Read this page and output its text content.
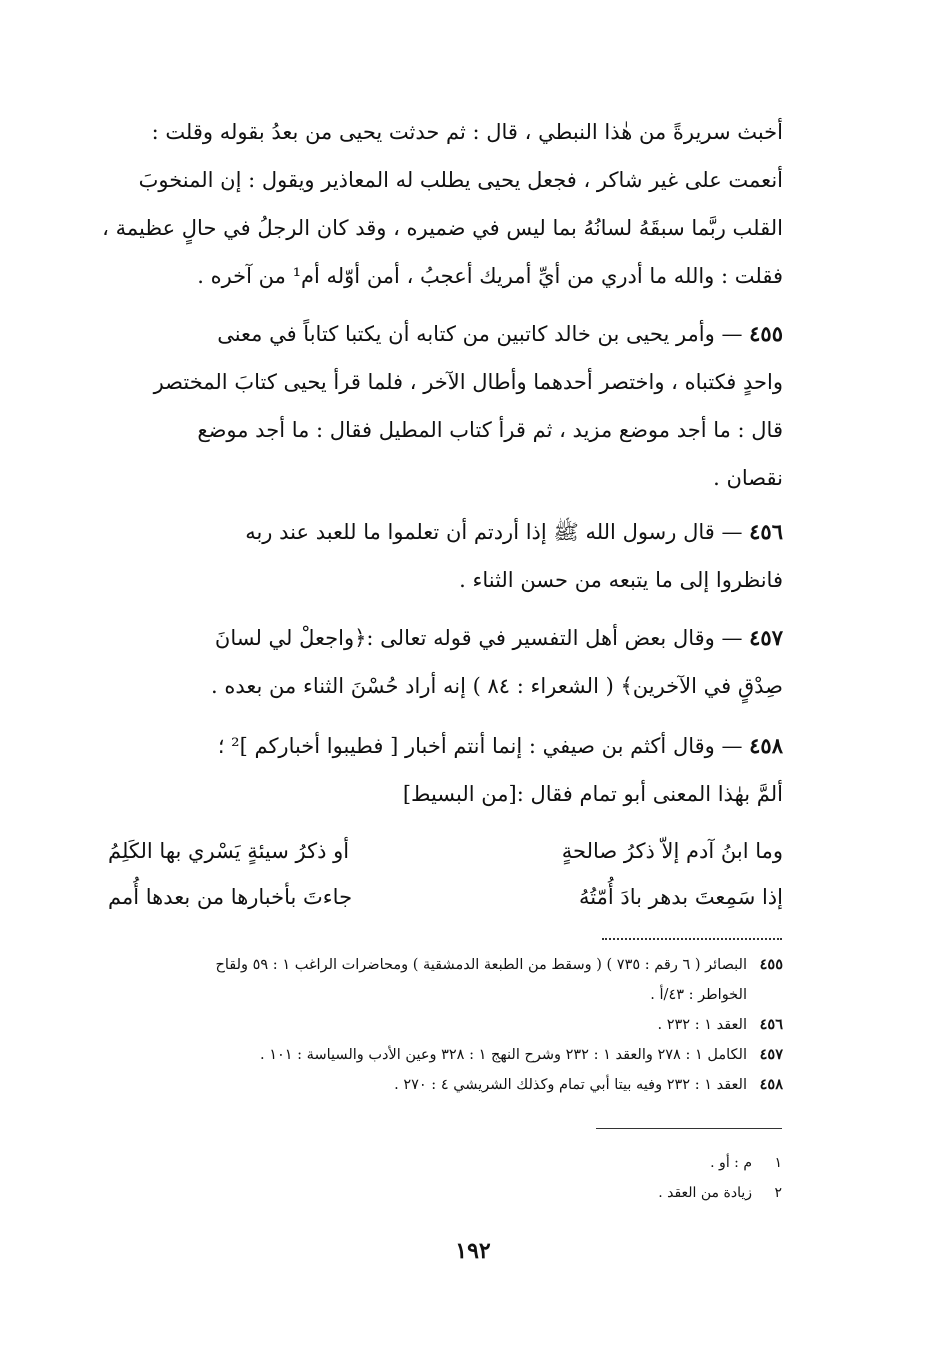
أخبث سريرةً من هٰذا النبطي ، قال : ثم حدثت يحيى من بعدُ بقوله وقلت :
أنعمت على غير شاكر ، فجعل يحيى يطلب له المعاذير ويقول : إن المنخوبَ
القلب ربَّما سبقَهُ لسانُهُ بما ليس في ضميره ، وقد كان الرجلُ في حالٍ عظيمة ،
فقلت : والله ما أدري من أيِّ أمريك أعجبُ ، أمن أوّله أم¹ من آخره .
٤٥٥ — وأمر يحيى بن خالد كاتبين من كتابه أن يكتبا كتاباً في معنى
واحدٍ فكتباه ، واختصر أحدهما وأطال الآخر ، فلما قرأ يحيى كتابَ المختصر
قال : ما أجد موضع مزيد ، ثم قرأ كتاب المطيل فقال : ما أجد موضع
نقصان .
٤٥٦ — قال رسول الله ﷺ إذا أردتم أن تعلموا ما للعبد عند ربه
فانظروا إلى ما يتبعه من حسن الثناء .
٤٥٧ — وقال بعض أهل التفسير في قوله تعالى :﴿واجعلْ لي لسانَ
صِدْقٍ في الآخرين﴾ ( الشعراء : ٨٤ ) إنه أراد حُسْنَ الثناء من بعده .
٤٥٨ — وقال أكثم بن صيفي : إنما أنتم أخبار [ فطيبوا أخباركم ]² ؛
ألمَّ بهٰذا المعنى أبو تمام فقال :[من البسيط]
وما ابنُ آدم إلاّ ذكرُ صالحةٍ
أو ذكرُ سيئةٍ يَسْري بها الكَلِمُ
إذا سَمِعتَ بدهر بادَ أُمّتُهُ
جاءتَ بأخبارها من بعدها أُمم
٤٥٥
البصائر ( ٦ رقم : ٧٣٥ ) ( وسقط من الطبعة الدمشقية ) ومحاضرات الراغب ١ : ٥٩ ولقاح
الخواطر : ٤٣/أ .
٤٥٦
العقد ١ : ٢٣٢ .
٤٥٧
الكامل ١ : ٢٧٨ والعقد ١ : ٢٣٢ وشرح النهج ١ : ٣٢٨ وعين الأدب والسياسة : ١٠١ .
٤٥٨
العقد ١ : ٢٣٢ وفيه بيتا أبي تمام وكذلك الشريشي ٤ : ٢٧٠ .
١
م : أو .
٢
زيادة من العقد .
١٩٢
